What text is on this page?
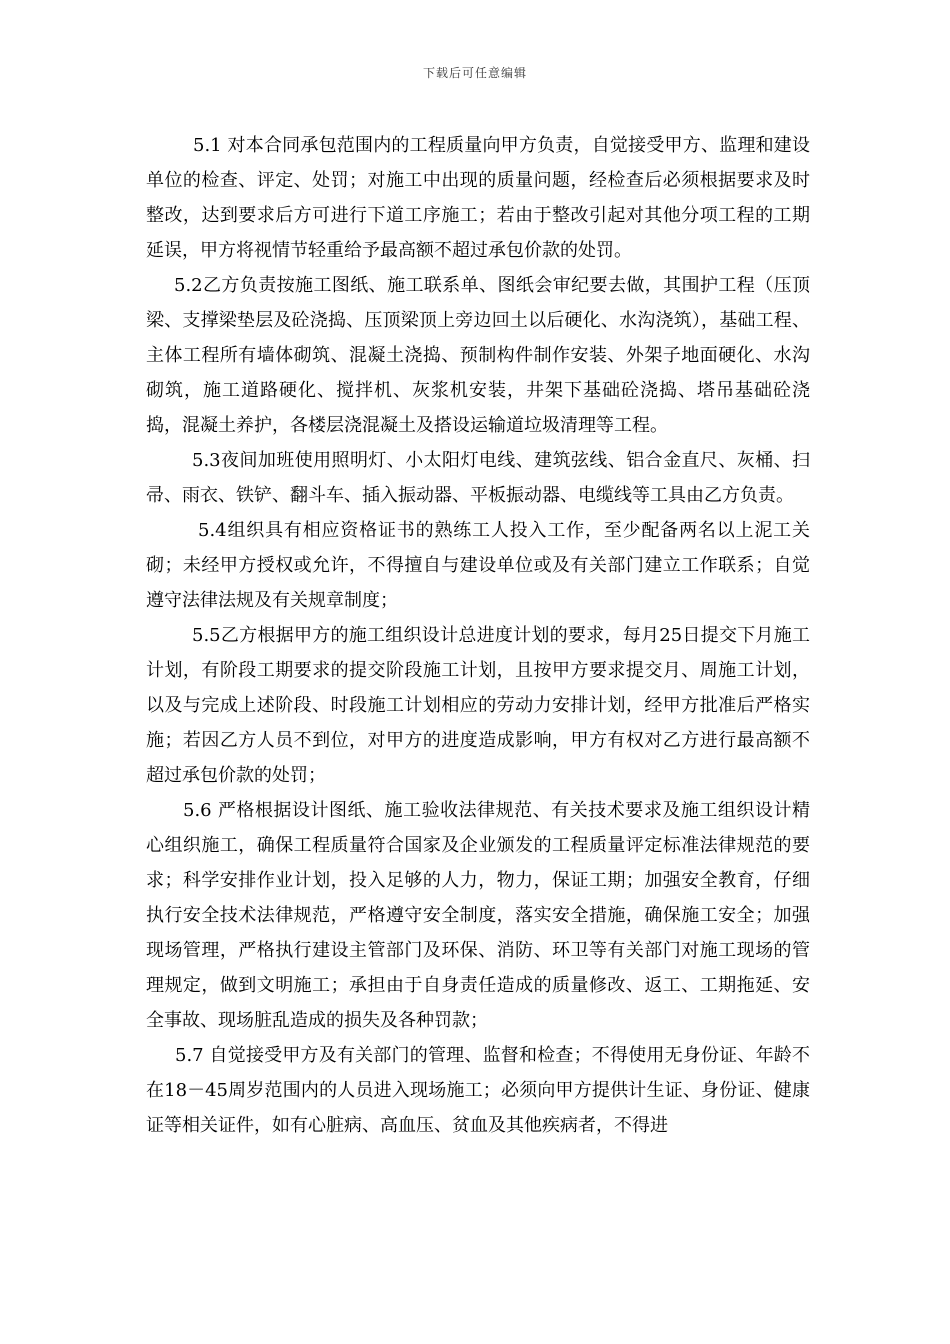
下载后可任意编辑

5.1 对本合同承包范围内的工程质量向甲方负责，自觉接受甲方、监理和建设单位的检查、评定、处罚；对施工中出现的质量问题，经检查后必须根据要求及时整改，达到要求后方可进行下道工序施工；若由于整改引起对其他分项工程的工期延误，甲方将视情节轻重给予最高额不超过承包价款的处罚。

5.2乙方负责按施工图纸、施工联系单、图纸会审纪要去做，其围护工程（压顶梁、支撑梁垫层及砼浇捣、压顶梁顶上旁边回土以后硬化、水沟浇筑），基础工程、主体工程所有墙体砌筑、混凝土浇捣、预制构件制作安装、外架子地面硬化、水沟砌筑，施工道路硬化、搅拌机、灰浆机安装，井架下基础砼浇捣、塔吊基础砼浇捣，混凝土养护，各楼层浇混凝土及搭设运输道垃圾清理等工程。

5.3夜间加班使用照明灯、小太阳灯电线、建筑弦线、铝合金直尺、灰桶、扫帚、雨衣、铁铲、翻斗车、插入振动器、平板振动器、电缆线等工具由乙方负责。

5.4组织具有相应资格证书的熟练工人投入工作，至少配备两名以上泥工关砌；未经甲方授权或允许，不得擅自与建设单位或及有关部门建立工作联系；自觉遵守法律法规及有关规章制度；

5.5乙方根据甲方的施工组织设计总进度计划的要求，每月25日提交下月施工计划，有阶段工期要求的提交阶段施工计划，且按甲方要求提交月、周施工计划，以及与完成上述阶段、时段施工计划相应的劳动力安排计划，经甲方批准后严格实施；若因乙方人员不到位，对甲方的进度造成影响，甲方有权对乙方进行最高额不超过承包价款的处罚；

5.6 严格根据设计图纸、施工验收法律规范、有关技术要求及施工组织设计精心组织施工，确保工程质量符合国家及企业颁发的工程质量评定标准法律规范的要求；科学安排作业计划，投入足够的人力，物力，保证工期；加强安全教育，仔细执行安全技术法律规范，严格遵守安全制度，落实安全措施，确保施工安全；加强现场管理，严格执行建设主管部门及环保、消防、环卫等有关部门对施工现场的管理规定，做到文明施工；承担由于自身责任造成的质量修改、返工、工期拖延、安全事故、现场脏乱造成的损失及各种罚款；

5.7 自觉接受甲方及有关部门的管理、监督和检查；不得使用无身份证、年龄不在18－45周岁范围内的人员进入现场施工；必须向甲方提供计生证、身份证、健康证等相关证件，如有心脏病、高血压、贫血及其他疾病者，不得进
